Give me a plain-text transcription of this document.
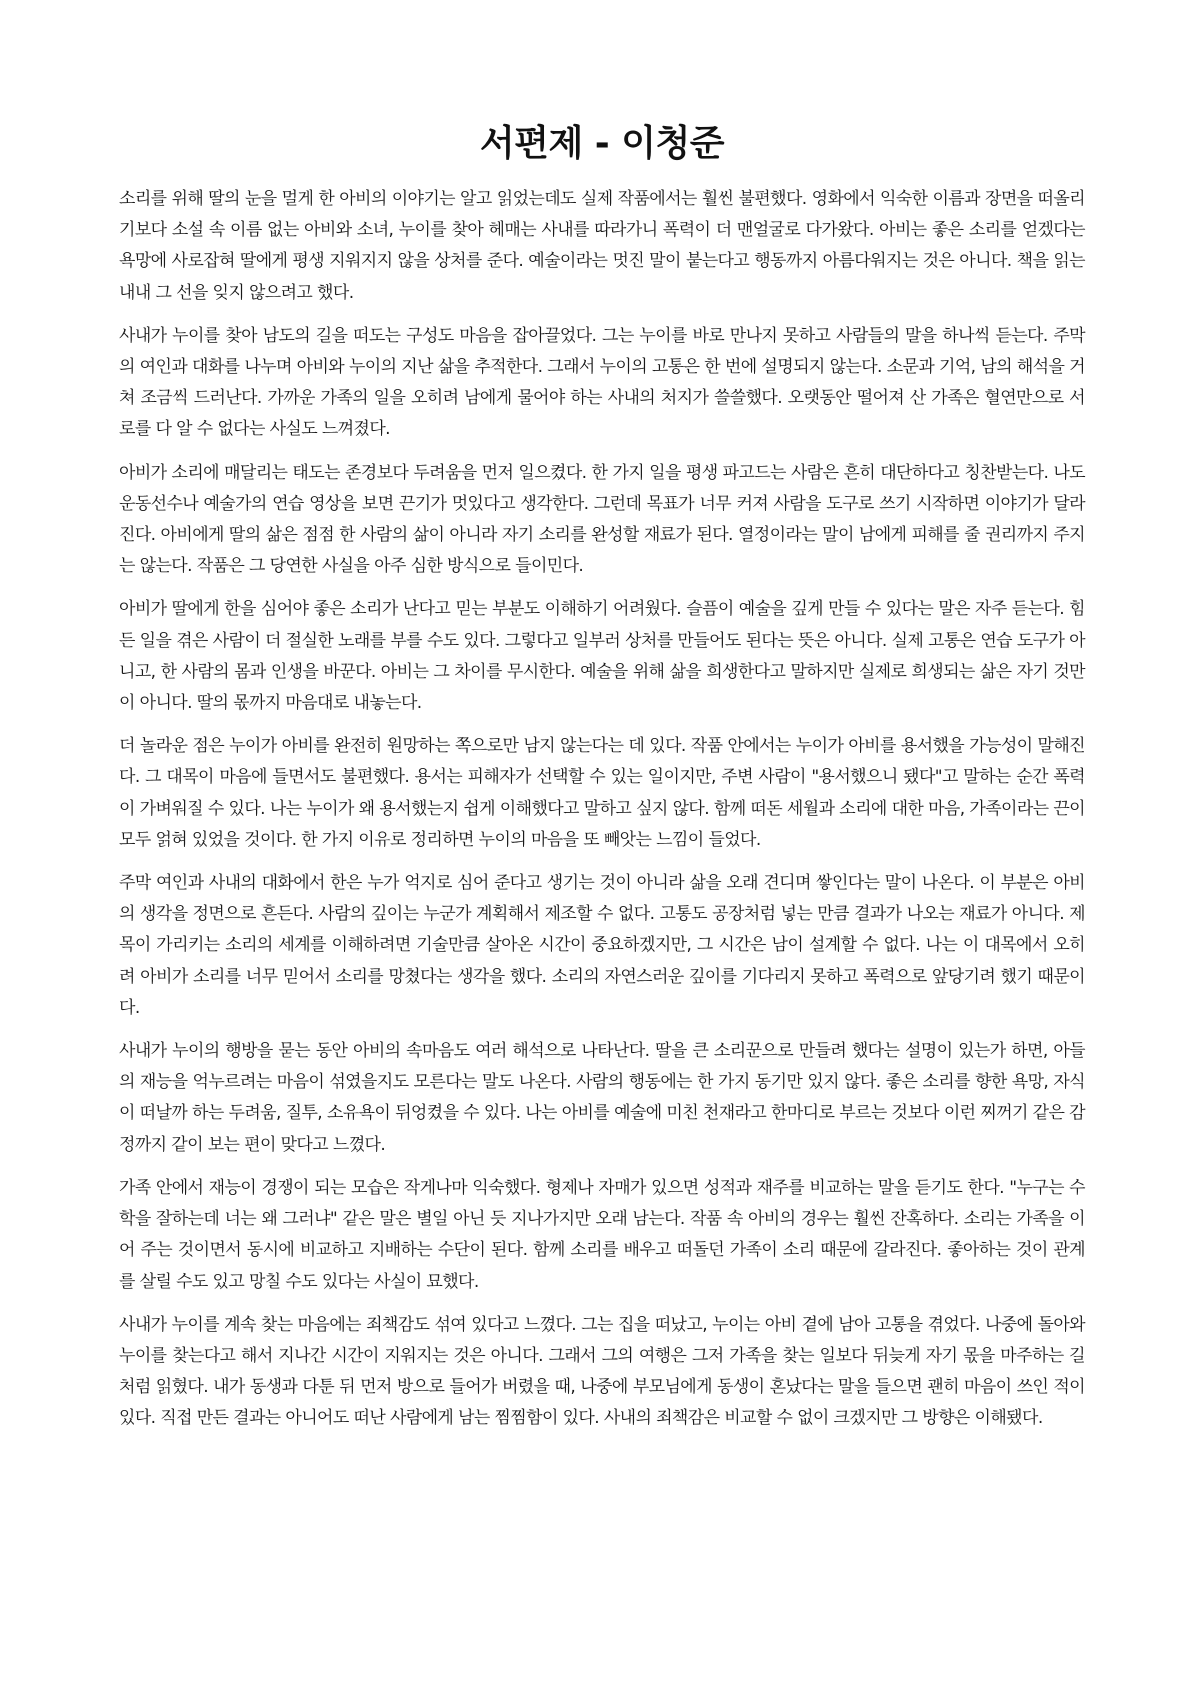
서편제 - 이청준

소리를 위해 딸의 눈을 멀게 한 아비의 이야기는 알고 읽었는데도 실제 작품에서는 훨씬 불편했다. 영화에서 익숙한 이름과 장면을 떠올리기보다 소설 속 이름 없는 아비와 소녀, 누이를 찾아 헤매는 사내를 따라가니 폭력이 더 맨얼굴로 다가왔다. 아비는 좋은 소리를 얻겠다는 욕망에 사로잡혀 딸에게 평생 지워지지 않을 상처를 준다. 예술이라는 멋진 말이 붙는다고 행동까지 아름다워지는 것은 아니다. 책을 읽는 내내 그 선을 잊지 않으려고 했다.

사내가 누이를 찾아 남도의 길을 떠도는 구성도 마음을 잡아끌었다. 그는 누이를 바로 만나지 못하고 사람들의 말을 하나씩 듣는다. 주막의 여인과 대화를 나누며 아비와 누이의 지난 삶을 추적한다. 그래서 누이의 고통은 한 번에 설명되지 않는다. 소문과 기억, 남의 해석을 거쳐 조금씩 드러난다. 가까운 가족의 일을 오히려 남에게 물어야 하는 사내의 처지가 쓸쓸했다. 오랫동안 떨어져 산 가족은 혈연만으로 서로를 다 알 수 없다는 사실도 느껴졌다.

아비가 소리에 매달리는 태도는 존경보다 두려움을 먼저 일으켰다. 한 가지 일을 평생 파고드는 사람은 흔히 대단하다고 칭찬받는다. 나도 운동선수나 예술가의 연습 영상을 보면 끈기가 멋있다고 생각한다. 그런데 목표가 너무 커져 사람을 도구로 쓰기 시작하면 이야기가 달라진다. 아비에게 딸의 삶은 점점 한 사람의 삶이 아니라 자기 소리를 완성할 재료가 된다. 열정이라는 말이 남에게 피해를 줄 권리까지 주지는 않는다. 작품은 그 당연한 사실을 아주 심한 방식으로 들이민다.

아비가 딸에게 한을 심어야 좋은 소리가 난다고 믿는 부분도 이해하기 어려웠다. 슬픔이 예술을 깊게 만들 수 있다는 말은 자주 듣는다. 힘든 일을 겪은 사람이 더 절실한 노래를 부를 수도 있다. 그렇다고 일부러 상처를 만들어도 된다는 뜻은 아니다. 실제 고통은 연습 도구가 아니고, 한 사람의 몸과 인생을 바꾼다. 아비는 그 차이를 무시한다. 예술을 위해 삶을 희생한다고 말하지만 실제로 희생되는 삶은 자기 것만이 아니다. 딸의 몫까지 마음대로 내놓는다.

더 놀라운 점은 누이가 아비를 완전히 원망하는 쪽으로만 남지 않는다는 데 있다. 작품 안에서는 누이가 아비를 용서했을 가능성이 말해진다. 그 대목이 마음에 들면서도 불편했다. 용서는 피해자가 선택할 수 있는 일이지만, 주변 사람이 "용서했으니 됐다"고 말하는 순간 폭력이 가벼워질 수 있다. 나는 누이가 왜 용서했는지 쉽게 이해했다고 말하고 싶지 않다. 함께 떠돈 세월과 소리에 대한 마음, 가족이라는 끈이 모두 얽혀 있었을 것이다. 한 가지 이유로 정리하면 누이의 마음을 또 빼앗는 느낌이 들었다.

주막 여인과 사내의 대화에서 한은 누가 억지로 심어 준다고 생기는 것이 아니라 삶을 오래 견디며 쌓인다는 말이 나온다. 이 부분은 아비의 생각을 정면으로 흔든다. 사람의 깊이는 누군가 계획해서 제조할 수 없다. 고통도 공장처럼 넣는 만큼 결과가 나오는 재료가 아니다. 제목이 가리키는 소리의 세계를 이해하려면 기술만큼 살아온 시간이 중요하겠지만, 그 시간은 남이 설계할 수 없다. 나는 이 대목에서 오히려 아비가 소리를 너무 믿어서 소리를 망쳤다는 생각을 했다. 소리의 자연스러운 깊이를 기다리지 못하고 폭력으로 앞당기려 했기 때문이다.

사내가 누이의 행방을 묻는 동안 아비의 속마음도 여러 해석으로 나타난다. 딸을 큰 소리꾼으로 만들려 했다는 설명이 있는가 하면, 아들의 재능을 억누르려는 마음이 섞였을지도 모른다는 말도 나온다. 사람의 행동에는 한 가지 동기만 있지 않다. 좋은 소리를 향한 욕망, 자식이 떠날까 하는 두려움, 질투, 소유욕이 뒤엉켰을 수 있다. 나는 아비를 예술에 미친 천재라고 한마디로 부르는 것보다 이런 찌꺼기 같은 감정까지 같이 보는 편이 맞다고 느꼈다.

가족 안에서 재능이 경쟁이 되는 모습은 작게나마 익숙했다. 형제나 자매가 있으면 성적과 재주를 비교하는 말을 듣기도 한다. "누구는 수학을 잘하는데 너는 왜 그러냐" 같은 말은 별일 아닌 듯 지나가지만 오래 남는다. 작품 속 아비의 경우는 훨씬 잔혹하다. 소리는 가족을 이어 주는 것이면서 동시에 비교하고 지배하는 수단이 된다. 함께 소리를 배우고 떠돌던 가족이 소리 때문에 갈라진다. 좋아하는 것이 관계를 살릴 수도 있고 망칠 수도 있다는 사실이 묘했다.

사내가 누이를 계속 찾는 마음에는 죄책감도 섞여 있다고 느꼈다. 그는 집을 떠났고, 누이는 아비 곁에 남아 고통을 겪었다. 나중에 돌아와 누이를 찾는다고 해서 지나간 시간이 지워지는 것은 아니다. 그래서 그의 여행은 그저 가족을 찾는 일보다 뒤늦게 자기 몫을 마주하는 길처럼 읽혔다. 내가 동생과 다툰 뒤 먼저 방으로 들어가 버렸을 때, 나중에 부모님에게 동생이 혼났다는 말을 들으면 괜히 마음이 쓰인 적이 있다. 직접 만든 결과는 아니어도 떠난 사람에게 남는 찜찜함이 있다. 사내의 죄책감은 비교할 수 없이 크겠지만 그 방향은 이해됐다.
